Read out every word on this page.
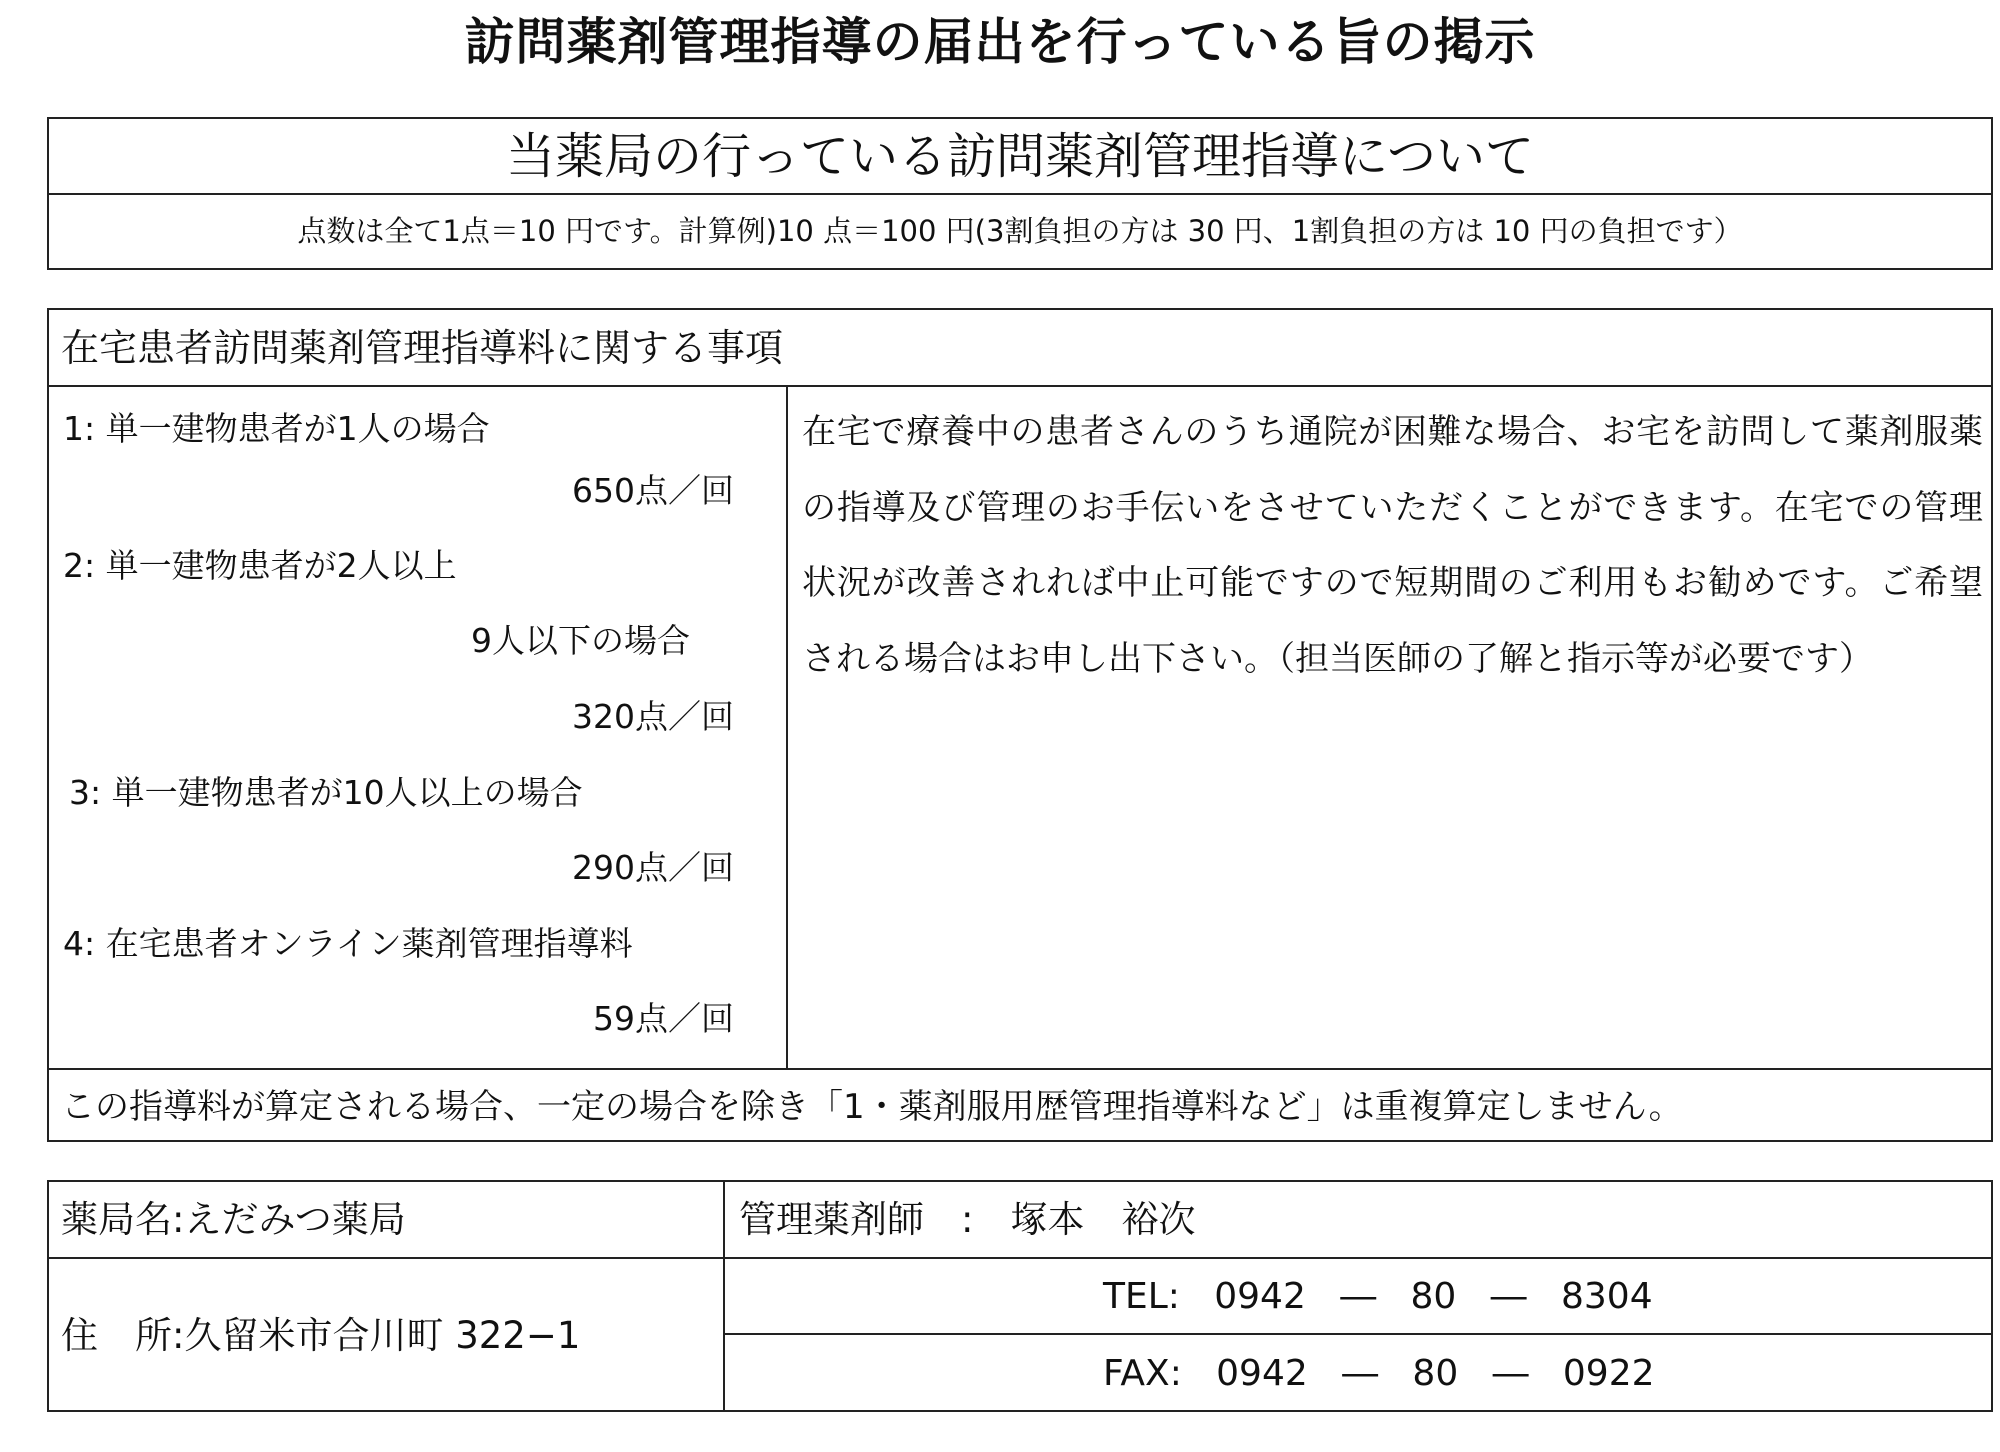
訪問薬剤管理指導の届出を行っている旨の掲示
当薬局の行っている訪問薬剤管理指導について
点数は全て1点＝10 円です。計算例)10 点＝100 円(3割負担の方は 30 円、1割負担の方は 10 円の負担です）
在宅患者訪問薬剤管理指導料に関する事項
1: 単一建物患者が1人の場合
650点／回
2: 単一建物患者が2人以上
9人以下の場合
320点／回
3: 単一建物患者が10人以上の場合
290点／回
4: 在宅患者オンライン薬剤管理指導料
59点／回
在宅で療養中の患者さんのうち通院が困難な場合、お宅を訪問して薬剤服薬の指導及び管理のお手伝いをさせていただくことができます。在宅での管理状況が改善されれば中止可能ですので短期間のご利用もお勧めです。ご希望される場合はお申し出下さい。（担当医師の了解と指示等が必要です）
この指導料が算定される場合、一定の場合を除き「1・薬剤服用歴管理指導料など」は重複算定しません。
薬局名:えだみつ薬局	管理薬剤師　:　塚本　裕次
住　所:久留米市合川町 322−1

TEL:   0942   ―   80   ―   8304

FAX:   0942   ―   80   ―   0922
